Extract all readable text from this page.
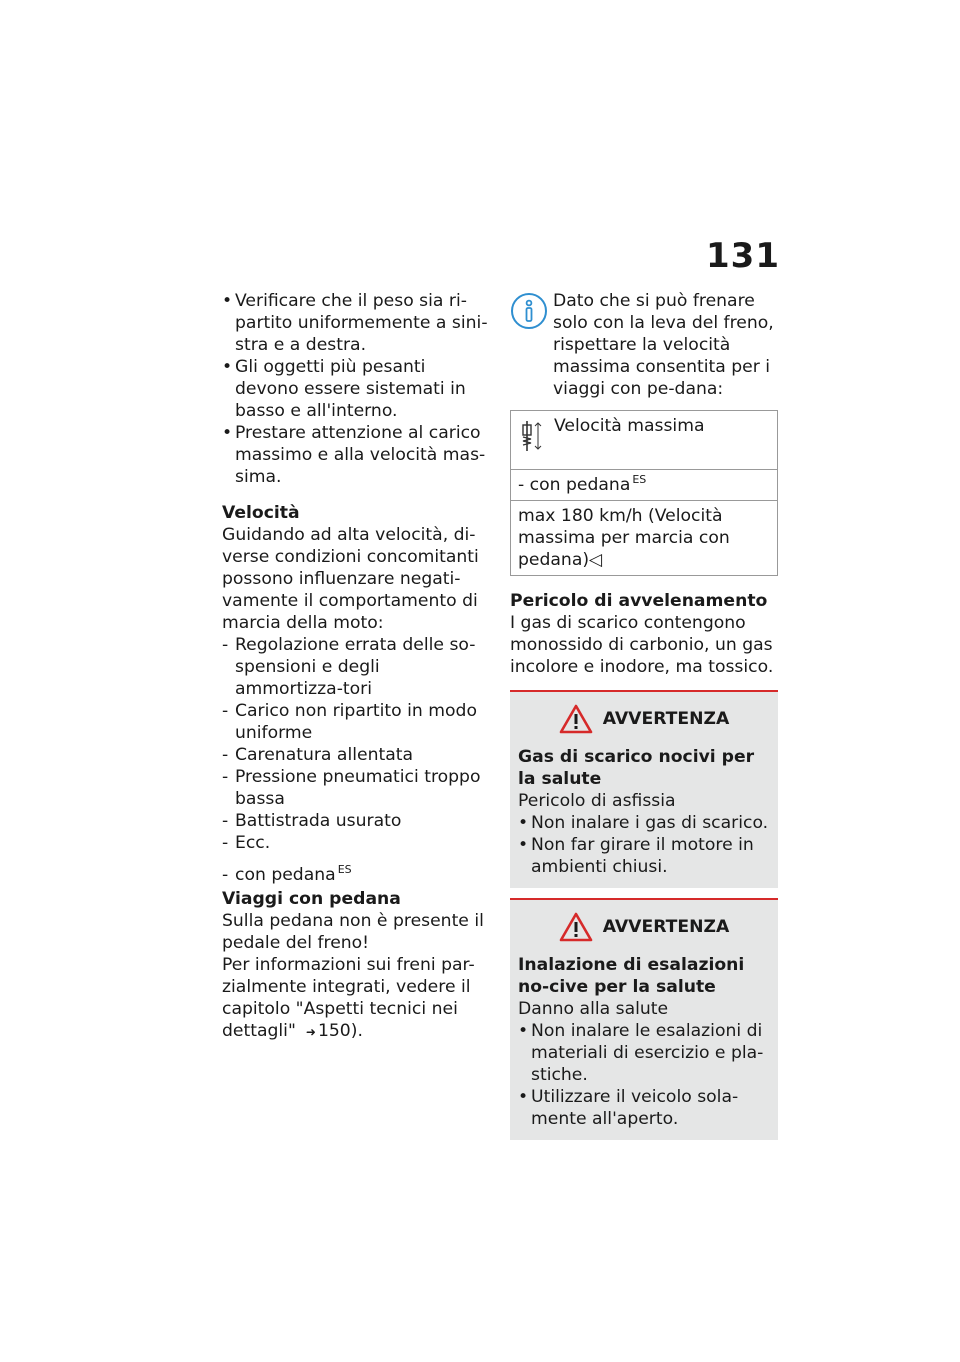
131
• Verificare che il peso sia ri-partito uniformemente a sini-stra e a destra.
• Gli oggetti più pesanti devono essere sistemati in basso e all'interno.
• Prestare attenzione al carico massimo e alla velocità mas-sima.
Velocità
Guidando ad alta velocità, di-verse condizioni concomitanti possono influenzare negati-vamente il comportamento di marcia della moto:
- Regolazione errata delle so-spensioni e degli ammortizza-tori
- Carico non ripartito in modo uniforme
- Carenatura allentata
- Pressione pneumatici troppo bassa
- Battistrada usurato
- Ecc.
- con pedana $^{ES}$
Viaggi con pedana
Sulla pedana non è presente il pedale del freno!
Per informazioni sui freni par-zialmente integrati, vedere il capitolo "Aspetti tecnici nei dettagli" ➜ 150).
Dato che si può frenare solo con la leva del freno, rispettare la velocità massima consentita per i viaggi con pe-dana:
Velocità massima
- con pedana $^{ES}$
max 180 km/h (Velocità massima per marcia con pedana)◁
Pericolo di avvelenamento
I gas di scarico contengono monossido di carbonio, un gas incolore e inodore, ma tossico.
AVVERTENZA
Gas di scarico nocivi per la salute
Pericolo di asfissia
• Non inalare i gas di scarico.
• Non far girare il motore in ambienti chiusi.
AVVERTENZA
Inalazione di esalazioni no-cive per la salute
Danno alla salute
• Non inalare le esalazioni di materiali di esercizio e pla-stiche.
• Utilizzare il veicolo sola-mente all'aperto.
